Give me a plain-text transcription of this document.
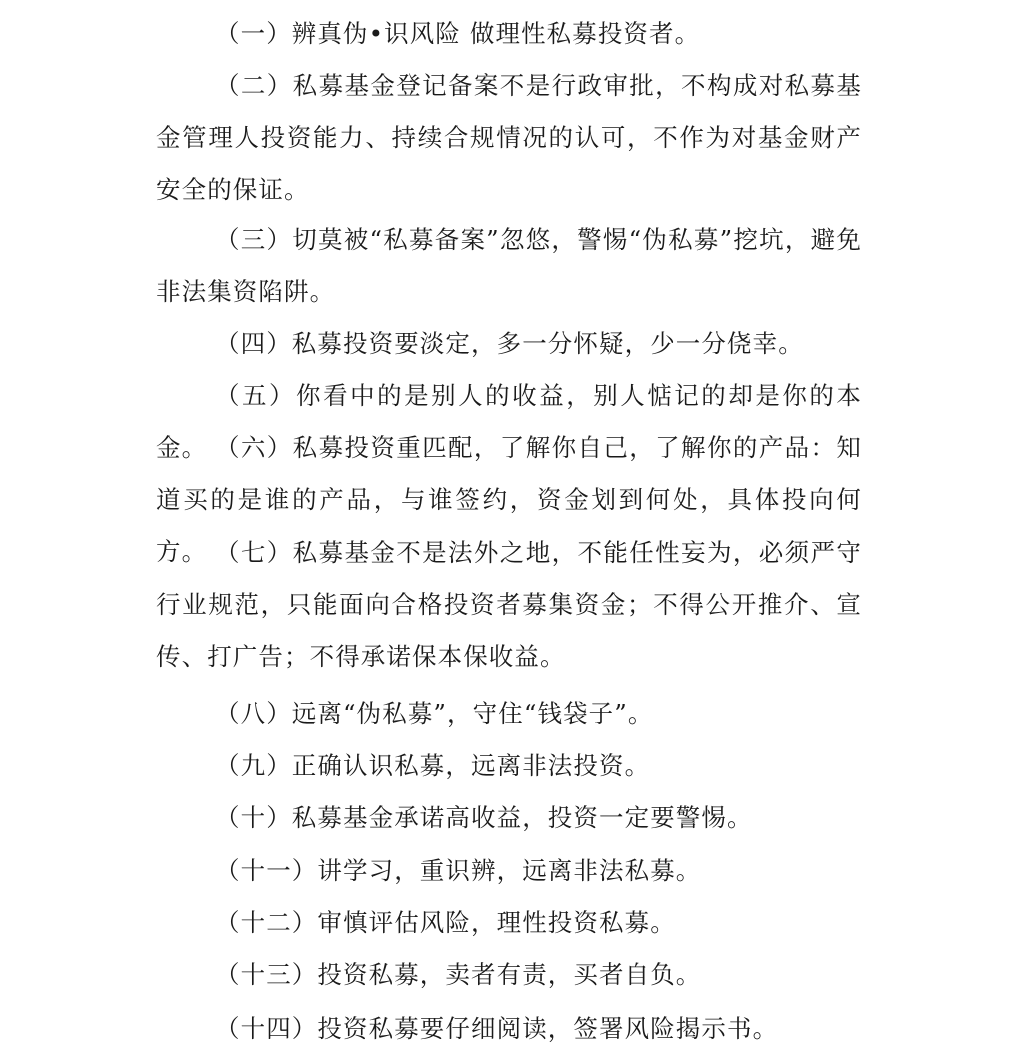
（一）辨真伪•识风险 做理性私募投资者。

（二）私募基金登记备案不是行政审批，不构成对私募基金管理人投资能力、持续合规情况的认可，不作为对基金财产安全的保证。

（三）切莫被“私募备案”忽悠，警惕“伪私募”挖坑，避免非法集资陷阱。

（四）私募投资要淡定，多一分怀疑，少一分侥幸。

（五）你看中的是别人的收益，别人惦记的却是你的本金。 （六）私募投资重匹配，了解你自己，了解你的产品：知道买的是谁的产品，与谁签约，资金划到何处，具体投向何方。 （七）私募基金不是法外之地，不能任性妄为，必须严守行业规范，只能面向合格投资者募集资金；不得公开推介、宣传、打广告；不得承诺保本保收益。

（八）远离“伪私募”，守住“钱袋子”。

（九）正确认识私募，远离非法投资。

（十）私募基金承诺高收益，投资一定要警惕。

（十一）讲学习，重识辨，远离非法私募。

（十二）审慎评估风险，理性投资私募。

（十三）投资私募，卖者有责，买者自负。

（十四）投资私募要仔细阅读，签署风险揭示书。
